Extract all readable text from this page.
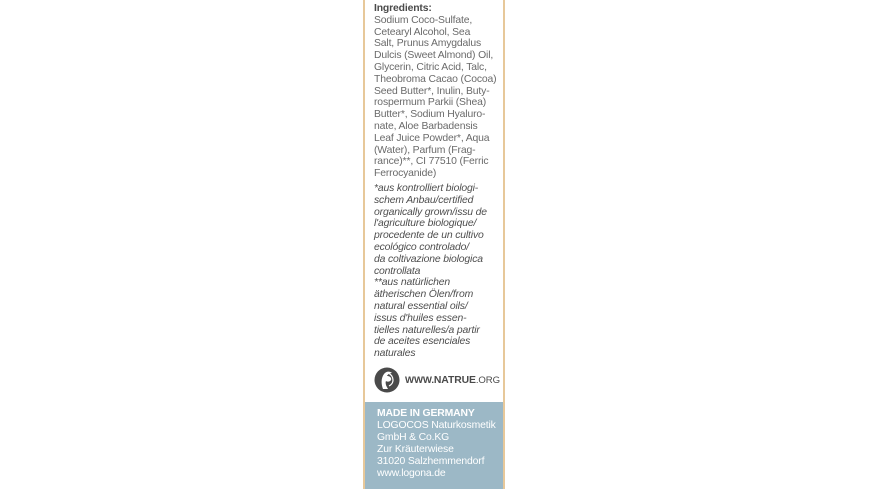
Ingredients:
Sodium Coco-Sulfate,
Cetearyl Alcohol, Sea
Salt, Prunus Amygdalus
Dulcis (Sweet Almond) Oil,
Glycerin, Citric Acid, Talc,
Theobroma Cacao (Cocoa)
Seed Butter*, Inulin, Buty-
rospermum Parkii (Shea)
Butter*, Sodium Hyaluro-
nate, Aloe Barbadensis
Leaf Juice Powder*, Aqua
(Water), Parfum (Frag-
rance)**, CI 77510 (Ferric
Ferrocyanide)
*aus kontrolliert biologi-
schem Anbau/certified
organically grown/issu de
l'agriculture biologique/
procedente de un cultivo
ecológico controlado/
da coltivazione biologica
controllata
**aus natürlichen
ätherischen Ölen/from
natural essential oils/
issus d'huiles essen-
tielles naturelles/a partir
de aceites esenciales
naturales
WWW.NATRUE.ORG
MADE IN GERMANY
LOGOCOS Naturkosmetik
GmbH & Co.KG
Zur Kräuterwiese
31020 Salzhemmendorf
www.logona.de
